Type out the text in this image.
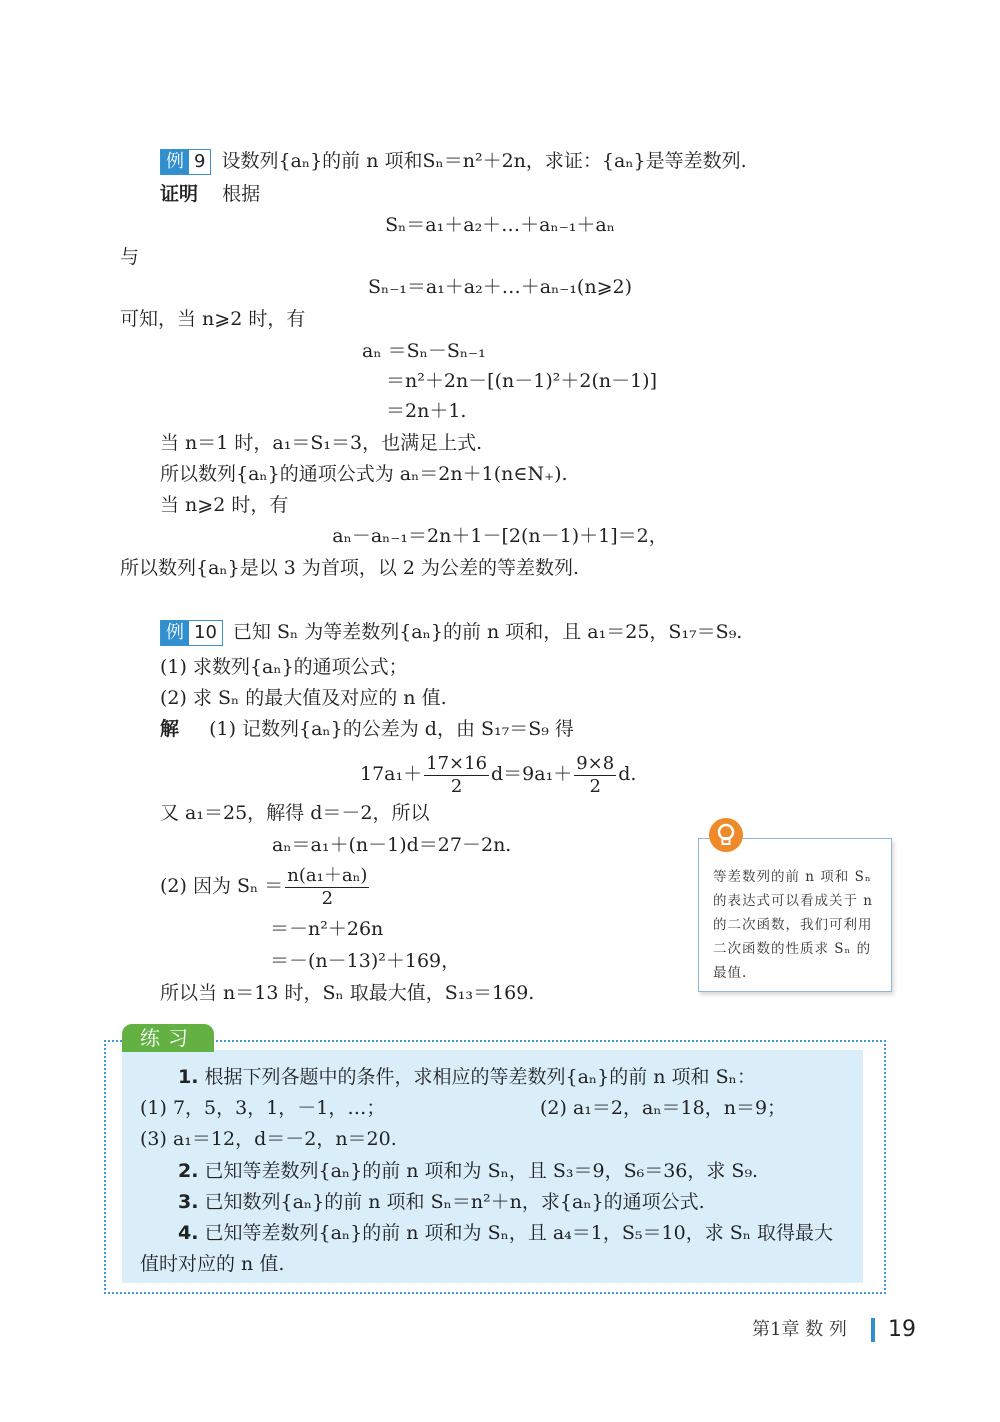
例 9 设数列{aₙ}的前 n 项和Sₙ＝n²＋2n，求证：{aₙ}是等差数列.
证明 根据
Sₙ＝a₁＋a₂＋…＋aₙ₋₁＋aₙ
与
Sₙ₋₁＝a₁＋a₂＋…＋aₙ₋₁(n⩾2)
可知，当 n⩾2 时，有
aₙ ＝Sₙ－Sₙ₋₁
＝n²＋2n－[(n－1)²＋2(n－1)]
＝2n＋1.
当 n＝1 时，a₁＝S₁＝3，也满足上式.
所以数列{aₙ}的通项公式为 aₙ＝2n＋1(n∈N₊).
当 n⩾2 时，有
aₙ－aₙ₋₁＝2n＋1－[2(n－1)＋1]＝2，
所以数列{aₙ}是以 3 为首项，以 2 为公差的等差数列.
例 10 已知 Sₙ 为等差数列{aₙ}的前 n 项和，且 a₁＝25，S₁₇＝S₉.
(1) 求数列{aₙ}的通项公式；
(2) 求 Sₙ 的最大值及对应的 n 值.
解 (1) 记数列{aₙ}的公差为 d，由 S₁₇＝S₉ 得
$17a_1+ \frac{17\times 16}{2} d=9a_1+ \frac{9\times 8}{2} d$.
又 a₁＝25，解得 d＝－2，所以
aₙ＝a₁＋(n－1)d＝27－2n.
(2) 因为 $S_n = \frac{\text{n(a₁＋aₙ)}}{2}$
＝－n²＋26n
＝－(n－13)²＋169，
所以当 n＝13 时，Sₙ 取最大值，S₁₃＝169.
等差数列的前 n 项和 Sₙ 的表达式可以看成关于 n 的二次函数，我们可利用二次函数的性质求 Sₙ 的最值.
练习
1. 根据下列各题中的条件，求相应的等差数列{aₙ}的前 n 项和 Sₙ：
(1) 7，5，3，1，－1，…；	(2) a₁＝2，aₙ＝18，n＝9；
(3) a₁＝12，d＝－2，n＝20.
2. 已知等差数列{aₙ}的前 n 项和为 Sₙ，且 S₃＝9，S₆＝36，求 S₉.
3. 已知数列{aₙ}的前 n 项和 Sₙ＝n²＋n，求{aₙ}的通项公式.
4. 已知等差数列{aₙ}的前 n 项和为 Sₙ，且 a₄＝1，S₅＝10，求 Sₙ 取得最大
值时对应的 n 值.
第1章 数 列 19
